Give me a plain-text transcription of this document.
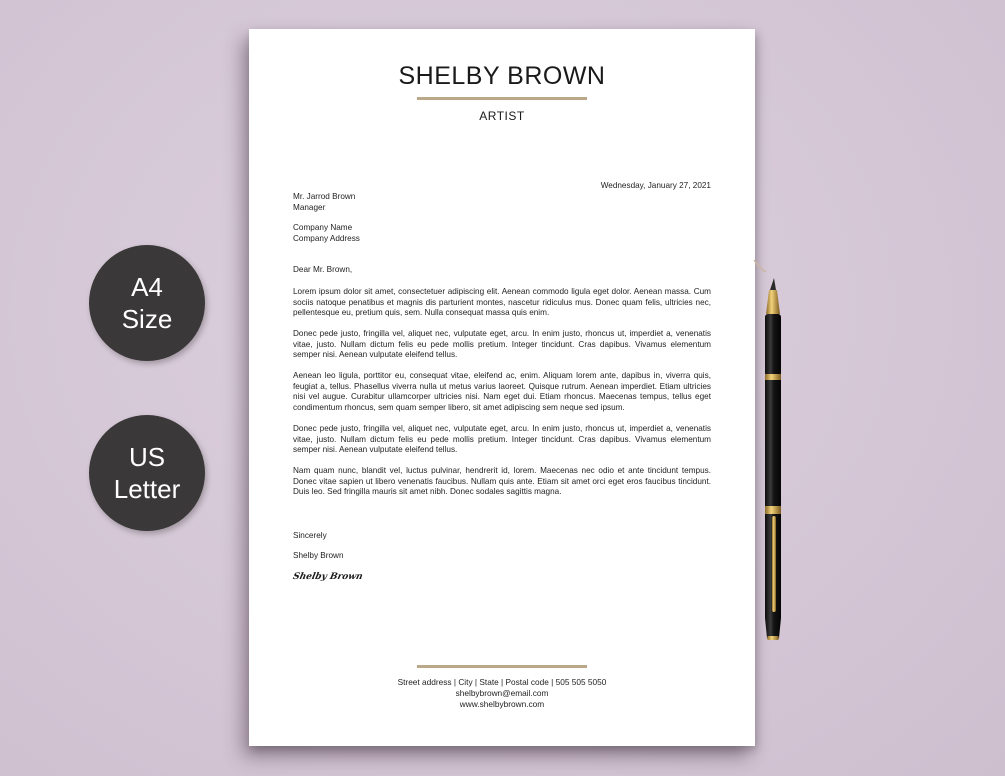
A4
Size
US
Letter
SHELBY BROWN
ARTIST
Wednesday, January 27, 2021
Mr. Jarrod Brown
Manager
Company Name
Company Address
Dear Mr. Brown,
Lorem ipsum dolor sit amet, consectetuer adipiscing elit. Aenean commodo ligula eget dolor. Aenean massa. Cum sociis natoque penatibus et magnis dis parturient montes, nascetur ridiculus mus. Donec quam felis, ultricies nec, pellentesque eu, pretium quis, sem. Nulla consequat massa quis enim.
Donec pede justo, fringilla vel, aliquet nec, vulputate eget, arcu. In enim justo, rhoncus ut, imperdiet a, venenatis vitae, justo. Nullam dictum felis eu pede mollis pretium. Integer tincidunt. Cras dapibus. Vivamus elementum semper nisi. Aenean vulputate eleifend tellus.
Aenean leo ligula, porttitor eu, consequat vitae, eleifend ac, enim. Aliquam lorem ante, dapibus in, viverra quis, feugiat a, tellus. Phasellus viverra nulla ut metus varius laoreet. Quisque rutrum. Aenean imperdiet. Etiam ultricies nisi vel augue. Curabitur ullamcorper ultricies nisi. Nam eget dui. Etiam rhoncus. Maecenas tempus, tellus eget condimentum rhoncus, sem quam semper libero, sit amet adipiscing sem neque sed ipsum.
Donec pede justo, fringilla vel, aliquet nec, vulputate eget, arcu. In enim justo, rhoncus ut, imperdiet a, venenatis vitae, justo. Nullam dictum felis eu pede mollis pretium. Integer tincidunt. Cras dapibus. Vivamus elementum semper nisi. Aenean vulputate eleifend tellus.
Nam quam nunc, blandit vel, luctus pulvinar, hendrerit id, lorem. Maecenas nec odio et ante tincidunt tempus. Donec vitae sapien ut libero venenatis faucibus. Nullam quis ante. Etiam sit amet orci eget eros faucibus tincidunt. Duis leo. Sed fringilla mauris sit amet nibh. Donec sodales sagittis magna.
Sincerely
Shelby Brown
Shelby Brown
Street address | City | State | Postal code | 505 505 5050
shelbybrown@email.com
www.shelbybrown.com
